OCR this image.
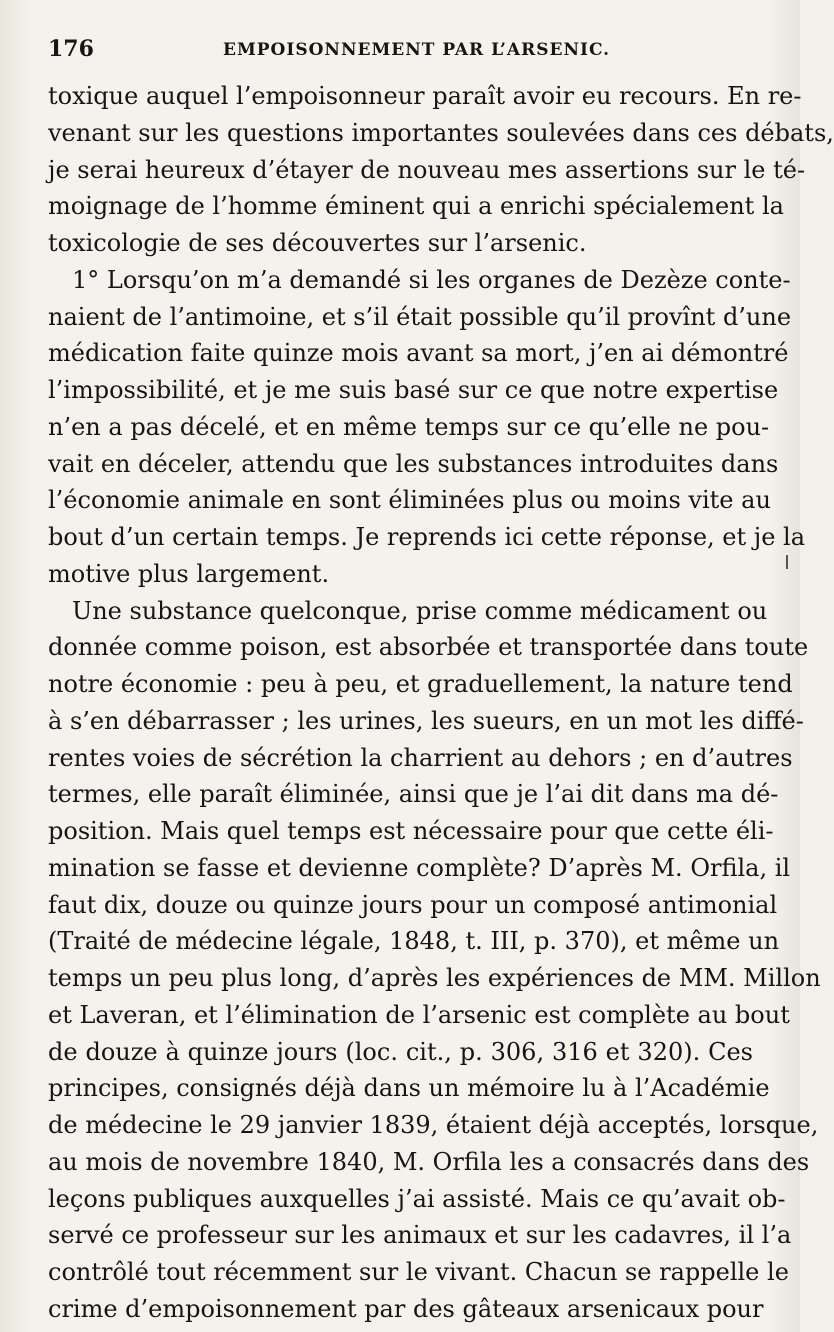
176	EMPOISONNEMENT PAR L’ARSENIC.
toxique auquel l’empoisonneur paraît avoir eu recours. En re-
venant sur les questions importantes soulevées dans ces débats,
je serai heureux d’étayer de nouveau mes assertions sur le té-
moignage de l’homme éminent qui a enrichi spécialement la
toxicologie de ses découvertes sur l’arsenic.
1° Lorsqu’on m’a demandé si les organes de Dezèze conte-
naient de l’antimoine, et s’il était possible qu’il provînt d’une
médication faite quinze mois avant sa mort, j’en ai démontré
l’impossibilité, et je me suis basé sur ce que notre expertise
n’en a pas décelé, et en même temps sur ce qu’elle ne pou-
vait en déceler, attendu que les substances introduites dans
l’économie animale en sont éliminées plus ou moins vite au
bout d’un certain temps. Je reprends ici cette réponse, et je la
motive plus largement.
Une substance quelconque, prise comme médicament ou
donnée comme poison, est absorbée et transportée dans toute
notre économie : peu à peu, et graduellement, la nature tend
à s’en débarrasser ; les urines, les sueurs, en un mot les diffé-
rentes voies de sécrétion la charrient au dehors ; en d’autres
termes, elle paraît éliminée, ainsi que je l’ai dit dans ma dé-
position. Mais quel temps est nécessaire pour que cette éli-
mination se fasse et devienne complète? D’après M. Orfila, il
faut dix, douze ou quinze jours pour un composé antimonial
(Traité de médecine légale, 1848, t. III, p. 370), et même un
temps un peu plus long, d’après les expériences de MM. Millon
et Laveran, et l’élimination de l’arsenic est complète au bout
de douze à quinze jours (loc. cit., p. 306, 316 et 320). Ces
principes, consignés déjà dans un mémoire lu à l’Académie
de médecine le 29 janvier 1839, étaient déjà acceptés, lorsque,
au mois de novembre 1840, M. Orfila les a consacrés dans des
leçons publiques auxquelles j’ai assisté. Mais ce qu’avait ob-
servé ce professeur sur les animaux et sur les cadavres, il l’a
contrôlé tout récemment sur le vivant. Chacun se rappelle le
crime d’empoisonnement par des gâteaux arsenicaux pour
